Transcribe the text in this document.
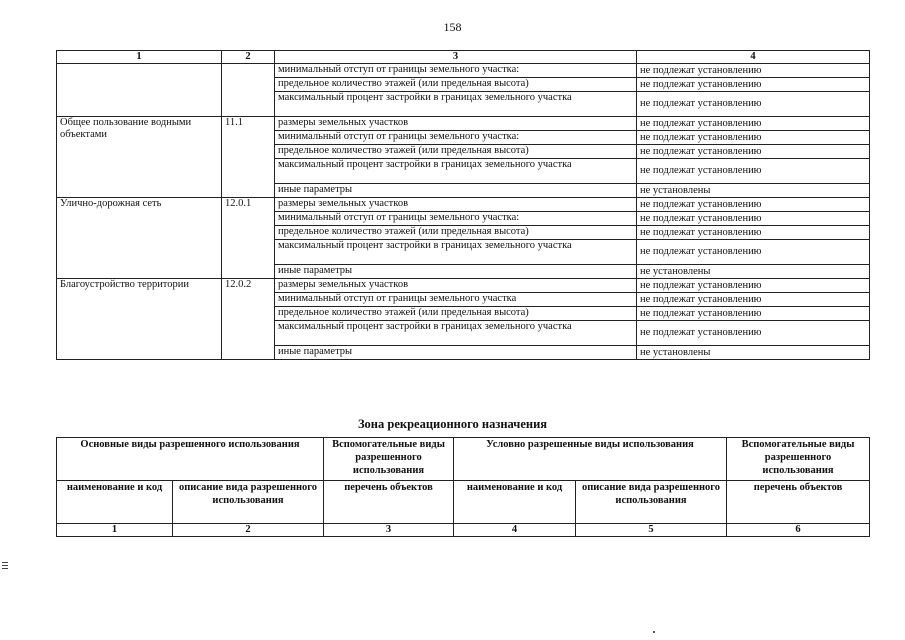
158
1	2	3	4
		минимальный отступ от границы земельного участка:	не подлежат установлению
		предельное количество этажей (или предельная высота)	не подлежат установлению
		максимальный процент застройки в границах земельного участка	не подлежат установлению
Общее пользование водными объектами	11.1	размеры земельных участков	не подлежат установлению
		минимальный отступ от границы земельного участка:	не подлежат установлению
		предельное количество этажей (или предельная высота)	не подлежат установлению
		максимальный процент застройки в границах земельного участка	не подлежат установлению
		иные параметры	не установлены
Улично-дорожная сеть	12.0.1	размеры земельных участков	не подлежат установлению
		минимальный отступ от границы земельного участка:	не подлежат установлению
		предельное количество этажей (или предельная высота)	не подлежат установлению
		максимальный процент застройки в границах земельного участка	не подлежат установлению
		иные параметры	не установлены
Благоустройство территории	12.0.2	размеры земельных участков	не подлежат установлению
		минимальный отступ от границы земельного участка	не подлежат установлению
		предельное количество этажей (или предельная высота)	не подлежат установлению
		максимальный процент застройки в границах земельного участка	не подлежат установлению
		иные параметры	не установлены
Зона рекреационного назначения
Основные виды разрешенного использования		Вспомогательные виды разрешенного использования	Условно разрешенные виды использования		Вспомогательные виды разрешенного использования
наименование и код	описание вида разрешенного использования	перечень объектов	наименование и код	описание вида разрешенного использования	перечень объектов
1	2	3	4	5	6
